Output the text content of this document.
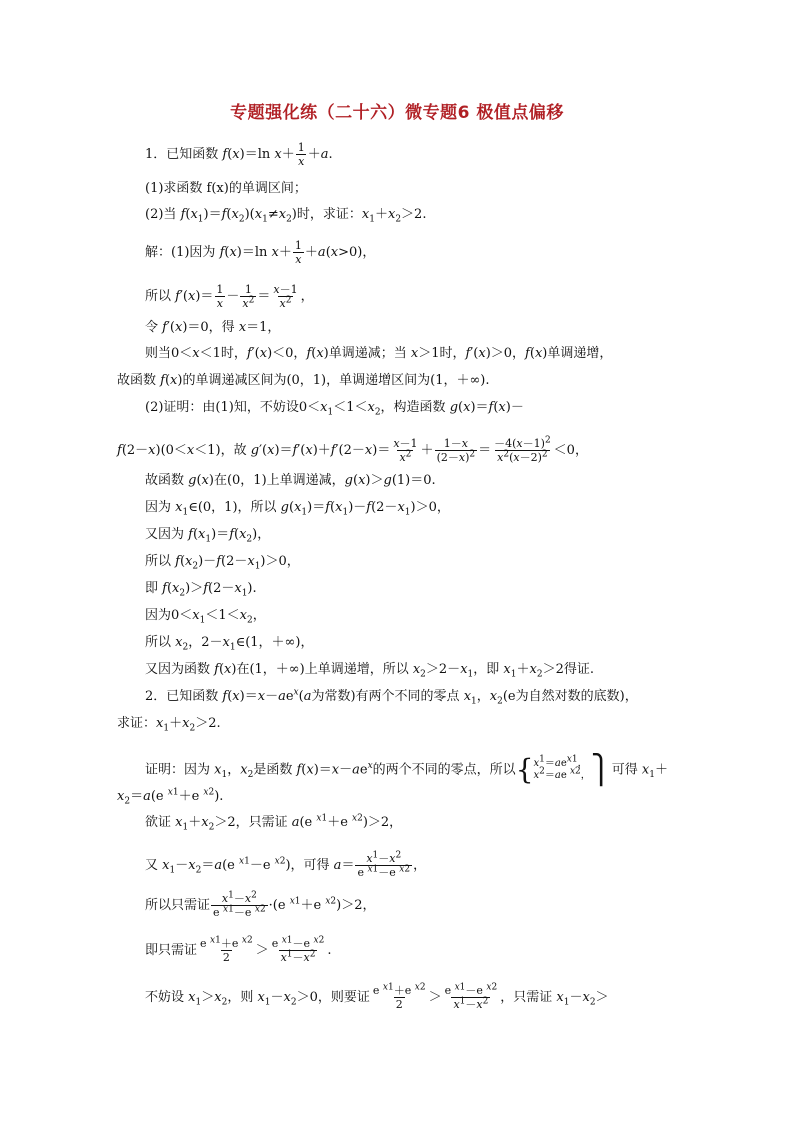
专题强化练（二十六）微专题6 极值点偏移
1．已知函数 f(x)＝ln $x+ \frac{1}{x} +a$.
(1)求函数 f(x)的单调区间；
(2)当 $f(x_1)=f(x_2)(x_1\ne x_2)$时，求证：$x_1+x_2>2$.
解：(1)因为 f(x)＝ln $x+ \frac{1}{x} +a(x>0)$，
所以 $f'(x)= \frac{1}{x} - \frac{1}{x^2} = \frac{x-1}{x^2}$ ，
令 f′(x)＝0，得 x＝1，
则当0＜x＜1时，f′(x)＜0，f(x)单调递减；当 x＞1时，f′(x)＞0，f(x)单调递增，
故函数 f(x)的单调递减区间为(0，1)，单调递增区间为(1，＋∞).
(2)证明：由(1)知，不妨设$0<x_1<1<x_2$，构造函数 g(x)＝f(x)－
f(2－x)(0＜x＜1)，故 $g'(x)=f'(x)+f'(2-x)= \frac{x-1}{x^2} + \frac{1-x}{(2-x)^2} = \frac{-4(x-1)^2}{x^2(x-2)^2} <0$，
故函数 g(x)在(0，1)上单调递减，g(x)＞g(1)＝0.
因为 $x_1\in(0$，1)，所以 $g(x_1)=f(x_1)-f(2-x_1)>0$，
又因为 $f(x_1)=f(x_2)$，
所以 $f(x_2)-f(2-x_1)>0$，
即 $f(x_2)>f(2-x_1)$.
因为$0<x_1<1<x_2$，
所以 $x_2$，$2-x_1\in(1$，＋∞)，
又因为函数 f(x)在(1，＋∞)上单调递增，所以 $x_2>2-x_1$，即 $x_1+x_2>2$得证.
2．已知函数 $f(x)=x-ae^x(a$为常数)有两个不同的零点 $x_1$，$x_2(e$为自然对数的底数)，
求证：$x_1+x_2>2$.
证明：因为 $x_1$，$x_2$是函数 $f(x)=x-ae^x$的两个不同的零点，所以{ $x^1=ae^{x1}$，
$x^2=ae$ $^{x2}$， ⎫可得 $x_1+$
$x_2=a(e$ $^{x1}$＋e $^{x2}$).
欲证 $x_1+x_2>2$，只需证 a(e $^{x1}$＋e $^{x2}$)＞2，
又 $x_1-x_2=a(e$ $^{x1}$－e $^{x2}$)，可得 $a= \frac{x^1-x^2}{e ^{x1}-e ^{x2}}$ ，
所以只需证 $\frac{x^1-x^2}{e ^{x1}-e ^{x2}} \cdot(e$ $^{x1}$＋e $^{x2}$)＞2，
即只需证 $\frac{e ^{x1}+e ^{x2}}{2} > \frac{e ^{x1}-e ^{x2}}{x^1-x^2}$ .
不妨设 $x_1>x_2$，则 $x_1-x_2>0$，则要证 $\frac{e ^{x1}+e ^{x2}}{2} > \frac{e ^{x1}-e ^{x2}}{x^1-x^2}$ ，只需证 $x_1-x_2>$
